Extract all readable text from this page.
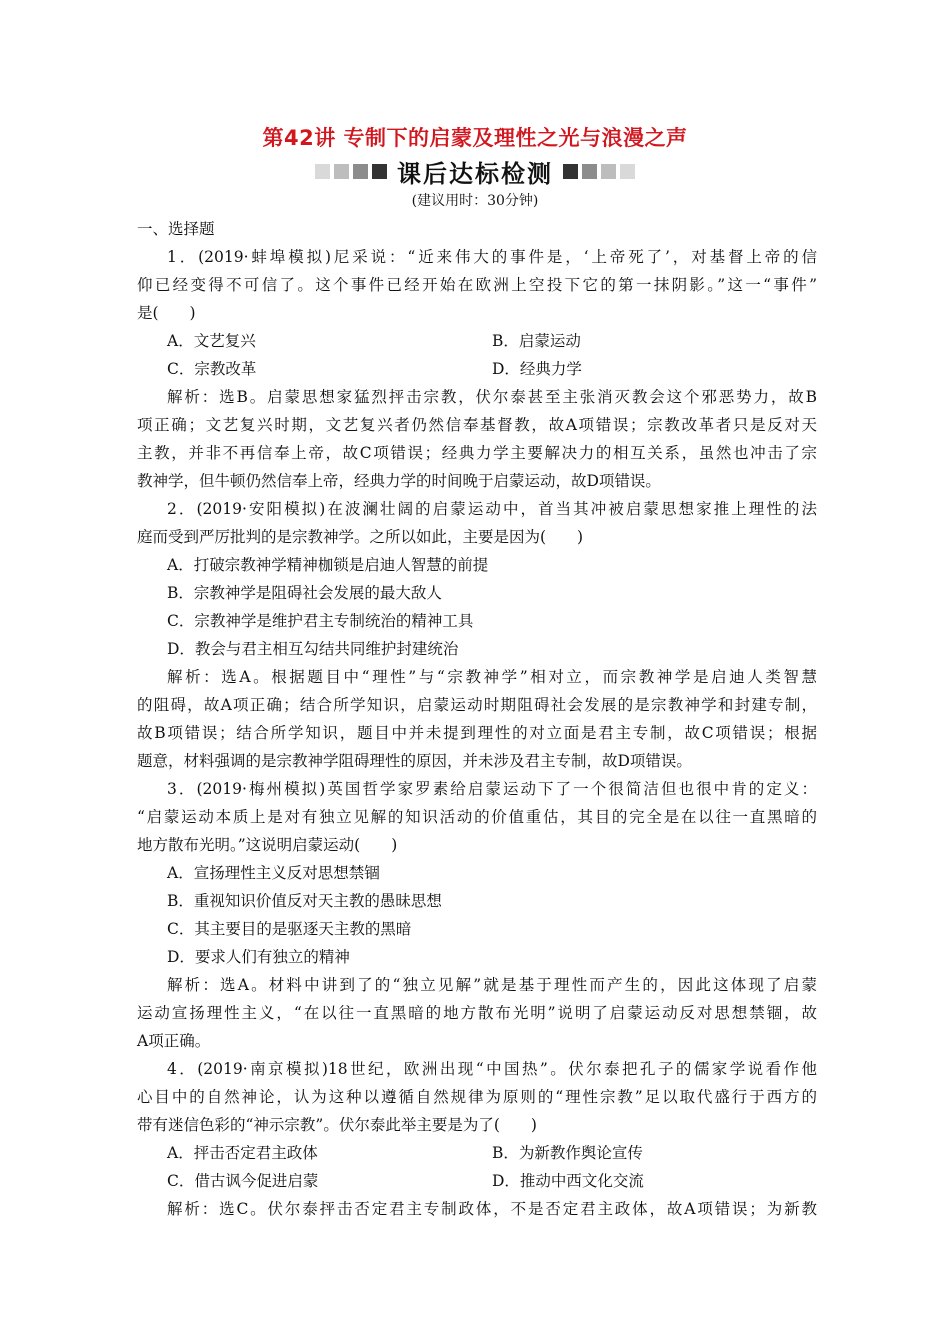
第42讲 专制下的启蒙及理性之光与浪漫之声
课后达标检测
(建议用时：30分钟)
一、选择题
1．(2019·蚌埠模拟)尼采说：“近来伟大的事件是，‘上帝死了’，对基督上帝的信
仰已经变得不可信了。这个事件已经开始在欧洲上空投下它的第一抹阴影。”这一“事件”
是(　　)
A．文艺复兴	B．启蒙运动
C．宗教改革	D．经典力学
解析：选B。启蒙思想家猛烈抨击宗教，伏尔泰甚至主张消灭教会这个邪恶势力，故B
项正确；文艺复兴时期，文艺复兴者仍然信奉基督教，故A项错误；宗教改革者只是反对天
主教，并非不再信奉上帝，故C项错误；经典力学主要解决力的相互关系，虽然也冲击了宗
教神学，但牛顿仍然信奉上帝，经典力学的时间晚于启蒙运动，故D项错误。
2．(2019·安阳模拟)在波澜壮阔的启蒙运动中，首当其冲被启蒙思想家推上理性的法
庭而受到严厉批判的是宗教神学。之所以如此，主要是因为(　　)
A．打破宗教神学精神枷锁是启迪人智慧的前提
B．宗教神学是阻碍社会发展的最大敌人
C．宗教神学是维护君主专制统治的精神工具
D．教会与君主相互勾结共同维护封建统治
解析：选A。根据题目中“理性”与“宗教神学”相对立，而宗教神学是启迪人类智慧
的阻碍，故A项正确；结合所学知识，启蒙运动时期阻碍社会发展的是宗教神学和封建专制，
故B项错误；结合所学知识，题目中并未提到理性的对立面是君主专制，故C项错误；根据
题意，材料强调的是宗教神学阻碍理性的原因，并未涉及君主专制，故D项错误。
3．(2019·梅州模拟)英国哲学家罗素给启蒙运动下了一个很简洁但也很中肯的定义：
“启蒙运动本质上是对有独立见解的知识活动的价值重估，其目的完全是在以往一直黑暗的
地方散布光明。”这说明启蒙运动(　　)
A．宣扬理性主义反对思想禁锢
B．重视知识价值反对天主教的愚昧思想
C．其主要目的是驱逐天主教的黑暗
D．要求人们有独立的精神
解析：选A。材料中讲到了的“独立见解”就是基于理性而产生的，因此这体现了启蒙
运动宣扬理性主义，“在以往一直黑暗的地方散布光明”说明了启蒙运动反对思想禁锢，故
A项正确。
4．(2019·南京模拟)18世纪，欧洲出现“中国热”。伏尔泰把孔子的儒家学说看作他
心目中的自然神论，认为这种以遵循自然规律为原则的“理性宗教”足以取代盛行于西方的
带有迷信色彩的“神示宗教”。伏尔泰此举主要是为了(　　)
A．抨击否定君主政体	B．为新教作舆论宣传
C．借古讽今促进启蒙	D．推动中西文化交流
解析：选C。伏尔泰抨击否定君主专制政体，不是否定君主政体，故A项错误；为新教
